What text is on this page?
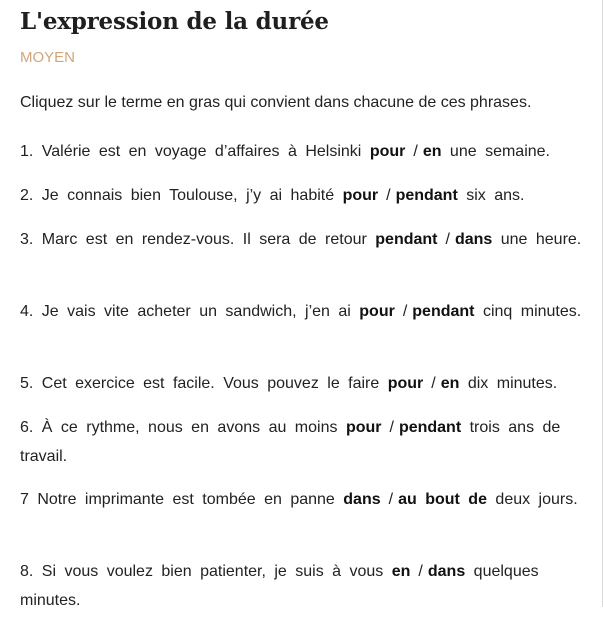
L'expression de la durée
MOYEN
Cliquez sur le terme en gras qui convient dans chacune de ces phrases.
1. Valérie est en voyage d’affaires à Helsinki pour / en une semaine.
2. Je connais bien Toulouse, j’y ai habité pour / pendant six ans.
3. Marc est en rendez-vous. Il sera de retour pendant / dans une heure.
4. Je vais vite acheter un sandwich, j’en ai pour / pendant cinq minutes.
5. Cet exercice est facile. Vous pouvez le faire pour / en dix minutes.
6. À ce rythme, nous en avons au moins pour / pendant trois ans de travail.
7 Notre imprimante est tombée en panne dans / au bout de deux jours.
8. Si vous voulez bien patienter, je suis à vous en / dans quelques minutes.
